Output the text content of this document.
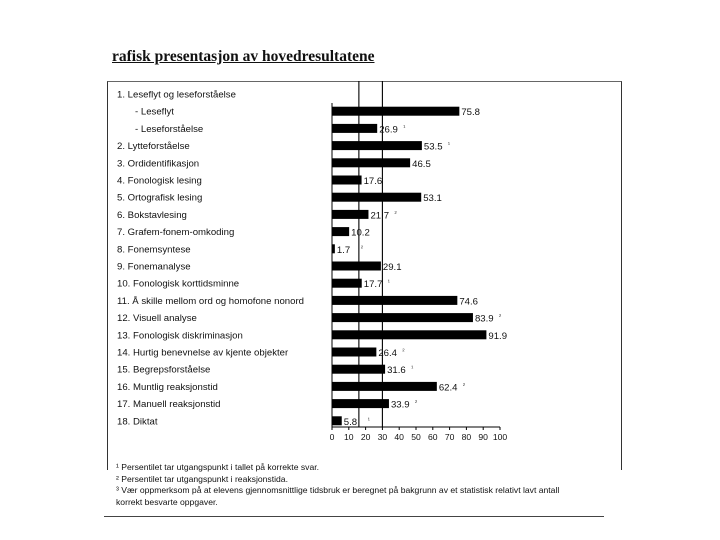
rafisk presentasjon av hovedresultatene
1. Leseflyt og leseforståelse
- Leseflyt	75.8
- Leseforståelse	26.9 ¹
2. Lytteforståelse	53.5 ¹
3. Ordidentifikasjon	46.5
4. Fonologisk lesing	17.6
5. Ortografisk lesing	53.1
6. Bokstavlesing	21.7 ²
7. Grafem-fonem-omkoding	10.2
8. Fonemsyntese	1.7 ²
9. Fonemanalyse	29.1
10. Fonologisk korttidsminne	17.7 ¹
11. Å skille mellom ord og homofone nonord	74.6
12. Visuell analyse	83.9 ²
13. Fonologisk diskriminasjon	91.9
14. Hurtig benevnelse av kjente objekter	26.4 ²
15. Begrepsforståelse	31.6 ¹
16. Muntlig reaksjonstid	62.4 ²
17. Manuell reaksjonstid	33.9 ²
18. Diktat	5.8 ¹
0 10 20 30 40 50 60 70 80 90 100
¹ Persentilet tar utgangspunkt i tallet på korrekte svar.
² Persentilet tar utgangspunkt i reaksjonstida.
³ Vær oppmerksom på at elevens gjennomsnittlige tidsbruk er beregnet på bakgrunn av et statistisk relativt lavt antall
korrekt besvarte oppgaver.
